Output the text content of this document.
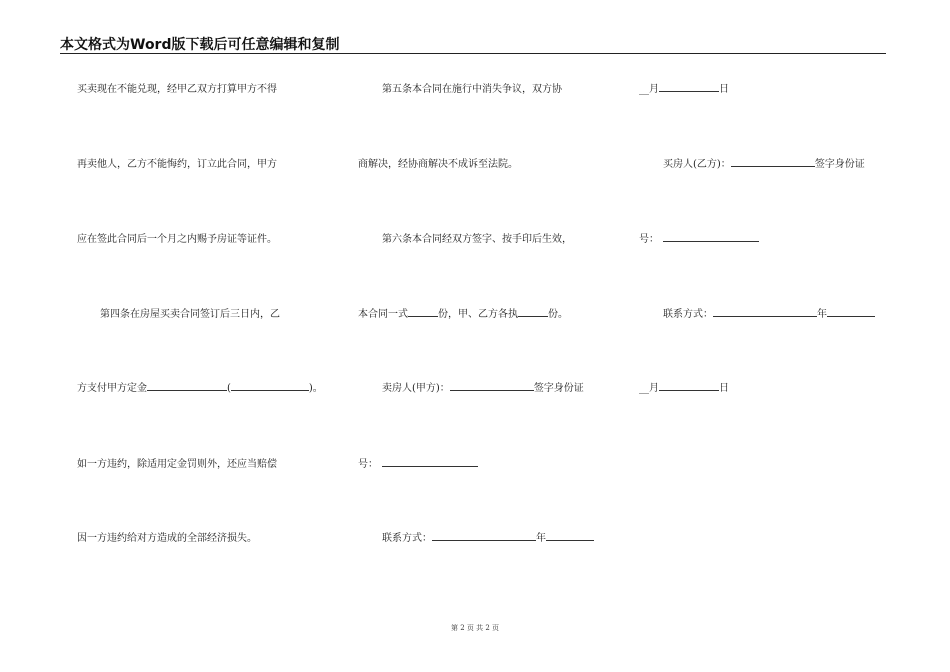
本文格式为Word版下载后可任意编辑和复制
买卖现在不能兑现，经甲乙双方打算甲方不得
再卖他人，乙方不能悔约，订立此合同，甲方
应在签此合同后一个月之内赐予房证等证件。
第四条在房屋买卖合同签订后三日内，乙
方支付甲方定金	(	)。
如一方违约，除适用定金罚则外，还应当赔偿
因一方违约给对方造成的全部经济损失。
第五条本合同在施行中消失争议，双方协
商解决，经协商解决不成诉至法院。
第六条本合同经双方签字、按手印后生效，
本合同一式	份，甲、乙方各执	份。
卖房人(甲方)：	签字身份证
号：
联系方式：	年
__月	日
买房人(乙方)：	签字身份证
号：
联系方式：	年
__月	日
第 2 页 共 2 页
